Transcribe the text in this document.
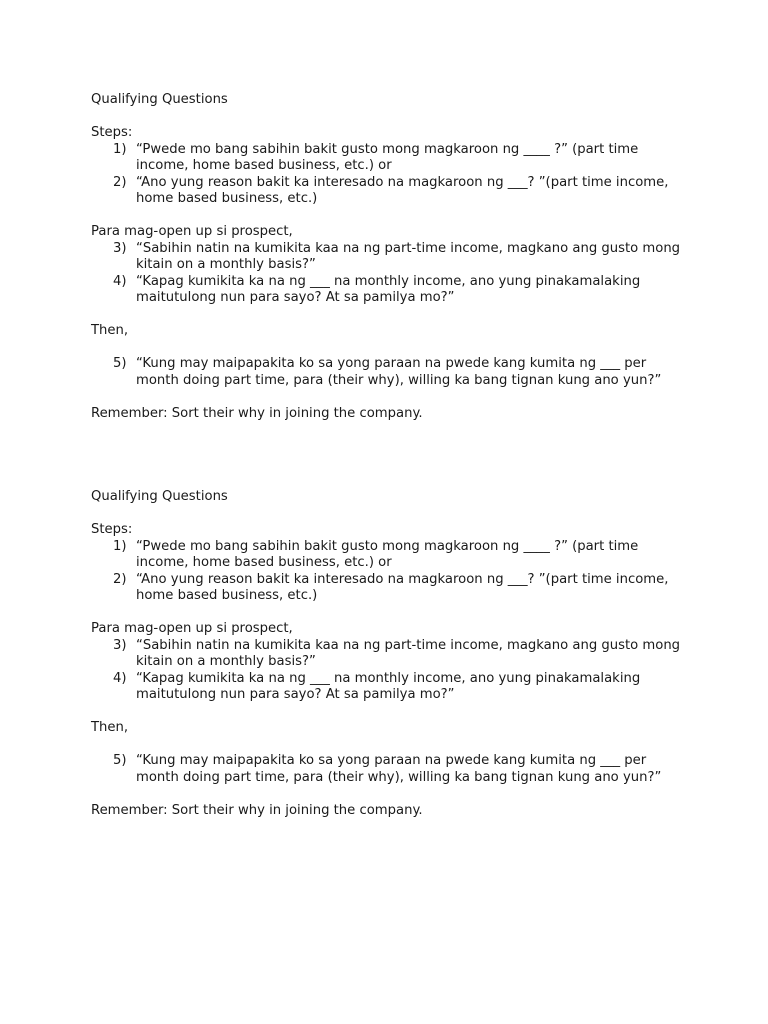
Qualifying Questions
Steps:
1) “Pwede mo bang sabihin bakit gusto mong magkaroon ng ____ ?” (part time income, home based business, etc.) or
2) “Ano yung reason bakit ka interesado na magkaroon ng ___? ”(part time income, home based business, etc.)
Para mag-open up si prospect,
3) “Sabihin natin na kumikita kaa na ng part-time income, magkano ang gusto mong kitain on a monthly basis?”
4) “Kapag kumikita ka na ng ___ na monthly income, ano yung pinakamalaking maitutulong nun para sayo? At sa pamilya mo?”
Then,
5) “Kung may maipapakita ko sa yong paraan na pwede kang kumita ng ___ per month doing part time, para (their why), willing ka bang tignan kung ano yun?”
Remember: Sort their why in joining the company.
Qualifying Questions
Steps:
1) “Pwede mo bang sabihin bakit gusto mong magkaroon ng ____ ?” (part time income, home based business, etc.) or
2) “Ano yung reason bakit ka interesado na magkaroon ng ___? ”(part time income, home based business, etc.)
Para mag-open up si prospect,
3) “Sabihin natin na kumikita kaa na ng part-time income, magkano ang gusto mong kitain on a monthly basis?”
4) “Kapag kumikita ka na ng ___ na monthly income, ano yung pinakamalaking maitutulong nun para sayo? At sa pamilya mo?”
Then,
5) “Kung may maipapakita ko sa yong paraan na pwede kang kumita ng ___ per month doing part time, para (their why), willing ka bang tignan kung ano yun?”
Remember: Sort their why in joining the company.
